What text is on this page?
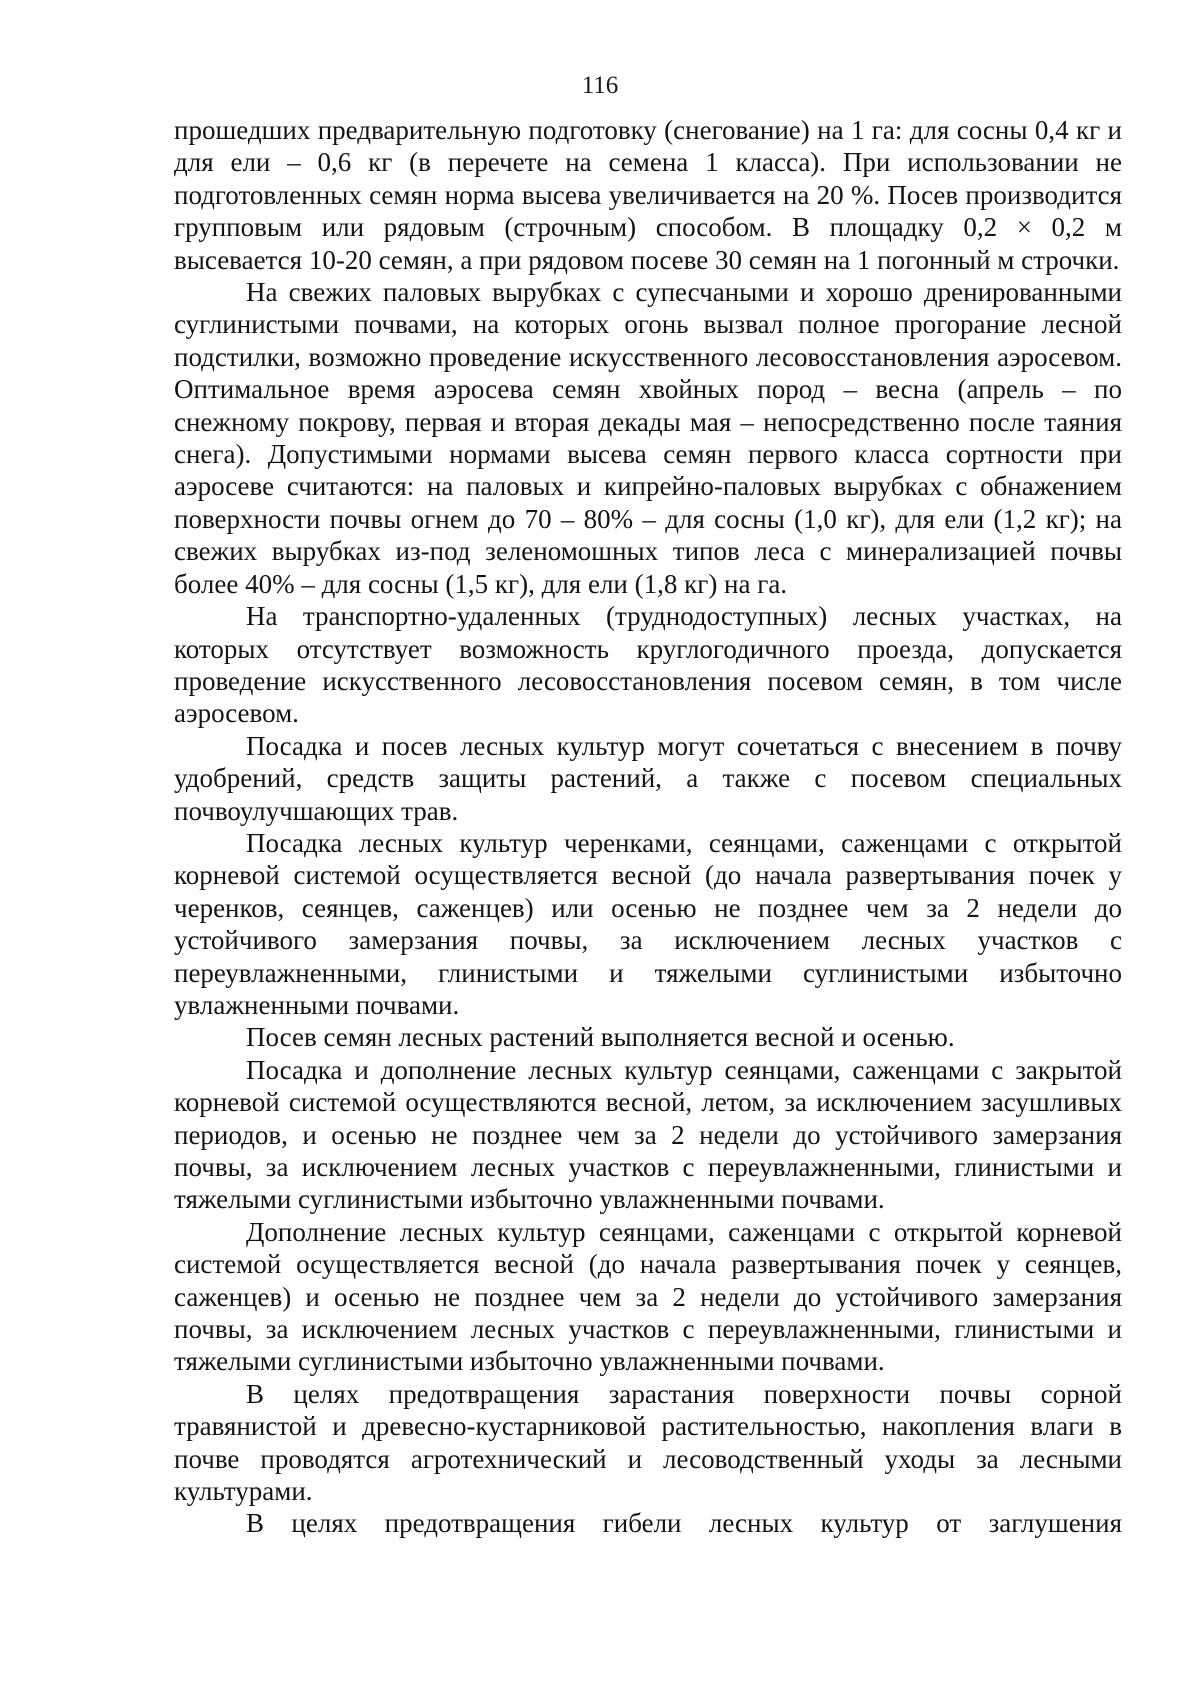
116

прошедших предварительную подготовку (снегование) на 1 га: для сосны 0,4 кг и для ели – 0,6 кг (в перечете на семена 1 класса). При использовании не подготовленных семян норма высева увеличивается на 20 %. Посев производится групповым или рядовым (строчным) способом. В площадку 0,2 × 0,2 м высевается 10-20 семян, а при рядовом посеве 30 семян на 1 погонный м строчки.

На свежих паловых вырубках с супесчаными и хорошо дренированными суглинистыми почвами, на которых огонь вызвал полное прогорание лесной подстилки, возможно проведение искусственного лесовосстановления аэросевом. Оптимальное время аэросева семян хвойных пород – весна (апрель – по снежному покрову, первая и вторая декады мая – непосредственно после таяния снега). Допустимыми нормами высева семян первого класса сортности при аэросеве считаются: на паловых и кипрейно-паловых вырубках с обнажением поверхности почвы огнем до 70 – 80% – для сосны (1,0 кг), для ели (1,2 кг); на свежих вырубках из-под зеленомошных типов леса с минерализацией почвы более 40% – для сосны (1,5 кг), для ели (1,8 кг) на га.

На транспортно-удаленных (труднодоступных) лесных участках, на которых отсутствует возможность круглогодичного проезда, допускается проведение искусственного лесовосстановления посевом семян, в том числе аэросевом.

Посадка и посев лесных культур могут сочетаться с внесением в почву удобрений, средств защиты растений, а также с посевом специальных почвоулучшающих трав.

Посадка лесных культур черенками, сеянцами, саженцами с открытой корневой системой осуществляется весной (до начала развертывания почек у черенков, сеянцев, саженцев) или осенью не позднее чем за 2 недели до устойчивого замерзания почвы, за исключением лесных участков с переувлажненными, глинистыми и тяжелыми суглинистыми избыточно увлажненными почвами.

Посев семян лесных растений выполняется весной и осенью.

Посадка и дополнение лесных культур сеянцами, саженцами с закрытой корневой системой осуществляются весной, летом, за исключением засушливых периодов, и осенью не позднее чем за 2 недели до устойчивого замерзания почвы, за исключением лесных участков с переувлажненными, глинистыми и тяжелыми суглинистыми избыточно увлажненными почвами.

Дополнение лесных культур сеянцами, саженцами с открытой корневой системой осуществляется весной (до начала развертывания почек у сеянцев, саженцев) и осенью не позднее чем за 2 недели до устойчивого замерзания почвы, за исключением лесных участков с переувлажненными, глинистыми и тяжелыми суглинистыми избыточно увлажненными почвами.

В целях предотвращения зарастания поверхности почвы сорной травянистой и древесно-кустарниковой растительностью, накопления влаги в почве проводятся агротехнический и лесоводственный уходы за лесными культурами.

В целях предотвращения гибели лесных культур от заглушения
